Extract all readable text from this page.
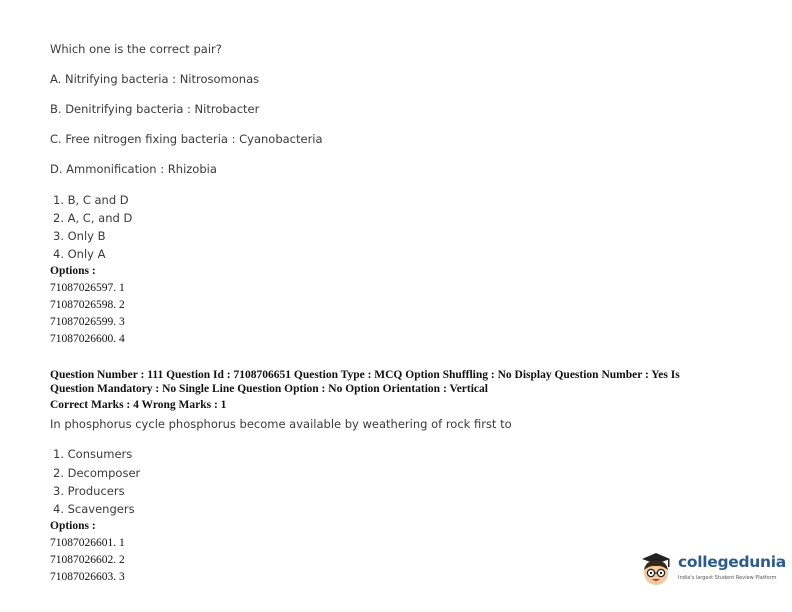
Which one is the correct pair?
A. Nitrifying bacteria : Nitrosomonas
B. Denitrifying bacteria : Nitrobacter
C. Free nitrogen fixing bacteria : Cyanobacteria
D. Ammonification : Rhizobia
1. B, C and D
2. A, C, and D
3. Only B
4. Only A
Options :
71087026597. 1
71087026598. 2
71087026599. 3
71087026600. 4
Question Number : 111 Question Id : 7108706651 Question Type : MCQ Option Shuffling : No Display Question Number : Yes Is
Question Mandatory : No Single Line Question Option : No Option Orientation : Vertical
Correct Marks : 4 Wrong Marks : 1
In phosphorus cycle phosphorus become available by weathering of rock first to
1. Consumers
2. Decomposer
3. Producers
4. Scavengers
Options :
71087026601. 1
71087026602. 2
71087026603. 3
collegedunia
India's largest Student Review Platform
